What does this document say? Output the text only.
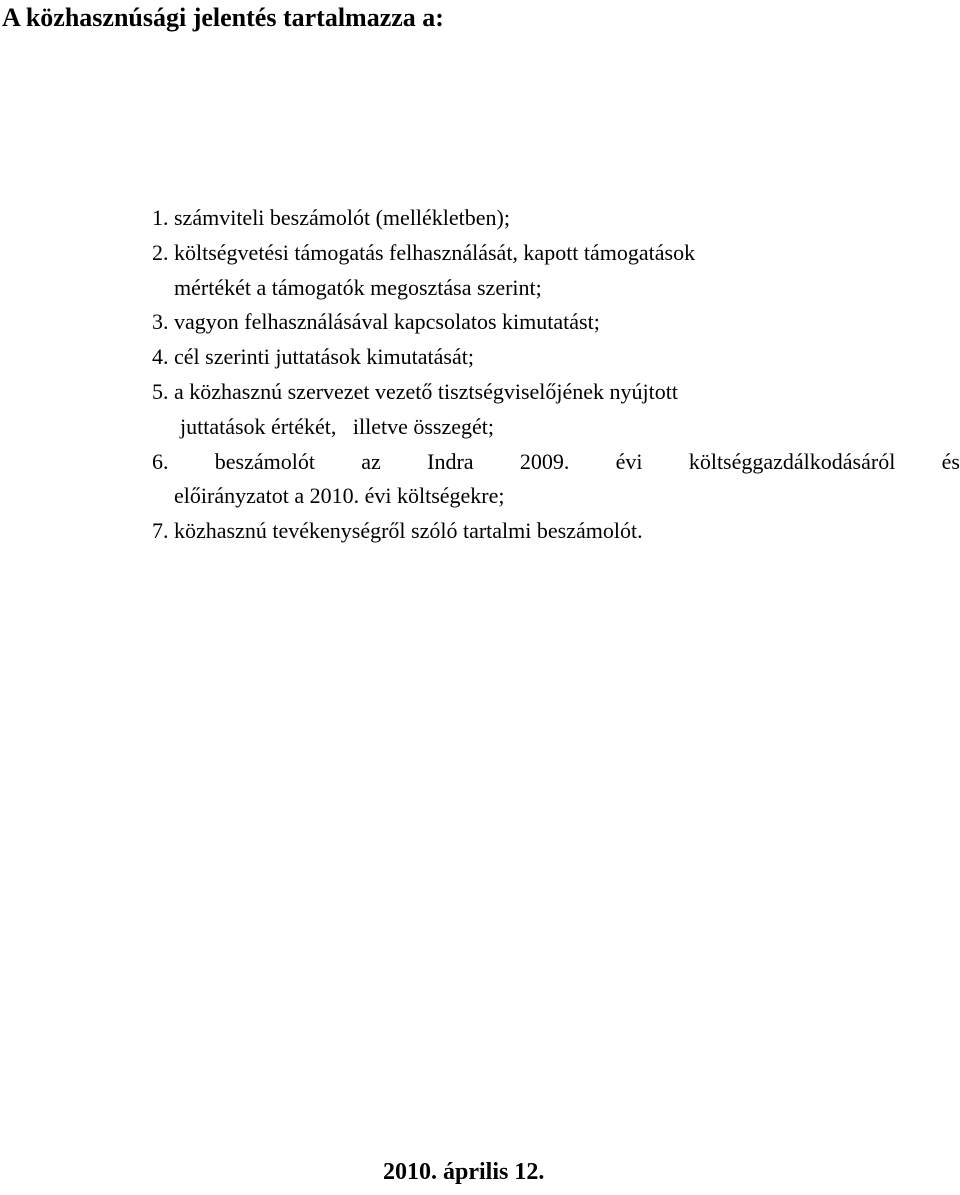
A közhasznúsági jelentés tartalmazza a:
1. számviteli beszámolót (mellékletben);
2. költségvetési támogatás felhasználását, kapott támogatások
mértékét a támogatók megosztása szerint;
3. vagyon felhasználásával kapcsolatos kimutatást;
4. cél szerinti juttatások kimutatását;
5. a közhasznú szervezet vezető tisztségviselőjének nyújtott
juttatások értékét,   illetve összegét;
6. beszámolót az Indra 2009. évi költséggazdálkodásáról és
előirányzatot a 2010. évi költségekre;
7. közhasznú tevékenységről szóló tartalmi beszámolót.
2010. április 12.
